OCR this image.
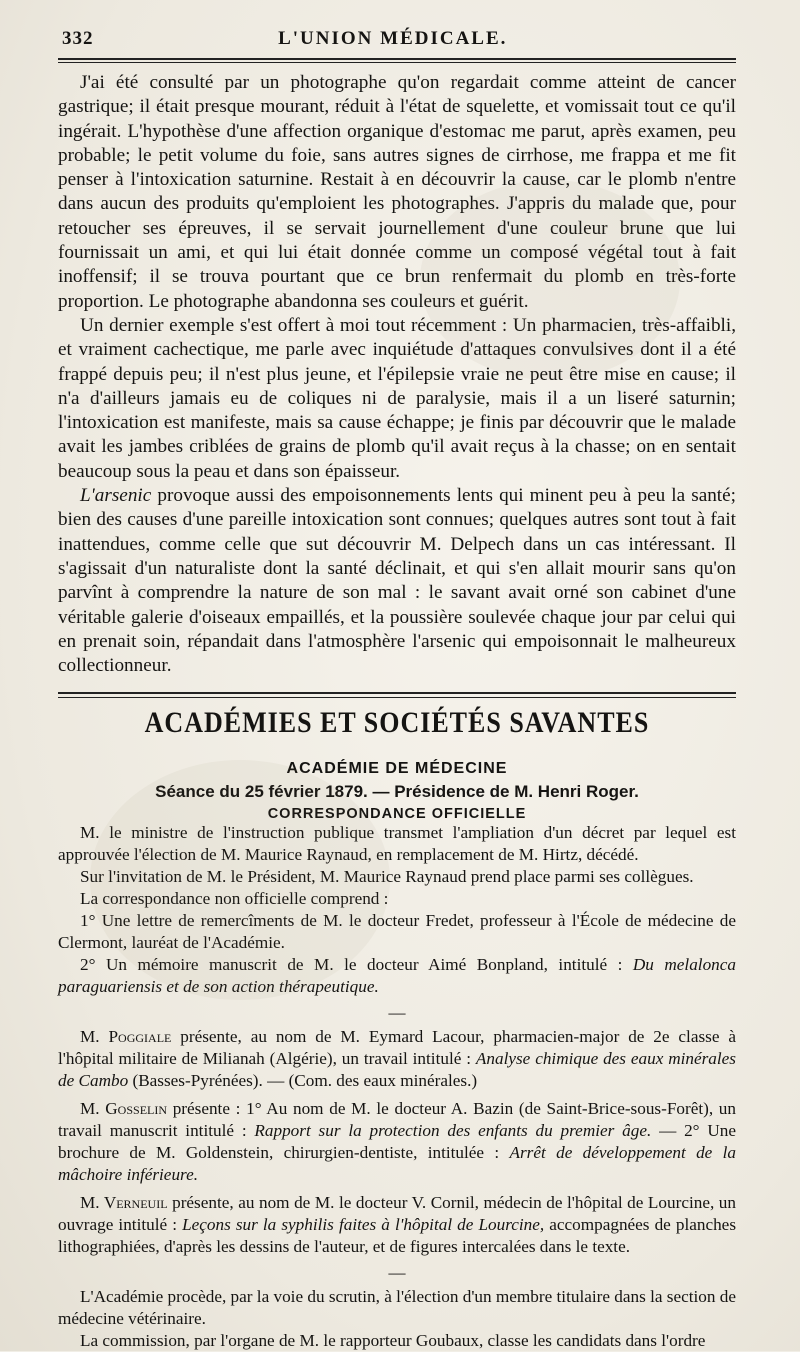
332	L'UNION MÉDICALE.

J'ai été consulté par un photographe qu'on regardait comme atteint de cancer gastrique; il était presque mourant, réduit à l'état de squelette, et vomissait tout ce qu'il ingérait. L'hypothèse d'une affection organique d'estomac me parut, après examen, peu probable; le petit volume du foie, sans autres signes de cirrhose, me frappa et me fit penser à l'intoxication saturnine. Restait à en découvrir la cause, car le plomb n'entre dans aucun des produits qu'emploient les photographes. J'appris du malade que, pour retoucher ses épreuves, il se servait journellement d'une couleur brune que lui fournissait un ami, et qui lui était donnée comme un composé végétal tout à fait inoffensif; il se trouva pourtant que ce brun renfermait du plomb en très-forte proportion. Le photographe abandonna ses couleurs et guérit.

Un dernier exemple s'est offert à moi tout récemment : Un pharmacien, très-affaibli, et vraiment cachectique, me parle avec inquiétude d'attaques convulsives dont il a été frappé depuis peu; il n'est plus jeune, et l'épilepsie vraie ne peut être mise en cause; il n'a d'ailleurs jamais eu de coliques ni de paralysie, mais il a un liseré saturnin; l'intoxication est manifeste, mais sa cause échappe; je finis par découvrir que le malade avait les jambes criblées de grains de plomb qu'il avait reçus à la chasse; on en sentait beaucoup sous la peau et dans son épaisseur.

L'arsenic provoque aussi des empoisonnements lents qui minent peu à peu la santé; bien des causes d'une pareille intoxication sont connues; quelques autres sont tout à fait inattendues, comme celle que sut découvrir M. Delpech dans un cas intéressant. Il s'agissait d'un naturaliste dont la santé déclinait, et qui s'en allait mourir sans qu'on parvînt à comprendre la nature de son mal : le savant avait orné son cabinet d'une véritable galerie d'oiseaux empaillés, et la poussière soulevée chaque jour par celui qui en prenait soin, répandait dans l'atmosphère l'arsenic qui empoisonnait le malheureux collectionneur.

ACADÉMIES ET SOCIÉTÉS SAVANTES
ACADÉMIE DE MÉDECINE
Séance du 25 février 1879. — Présidence de M. Henri Roger.
CORRESPONDANCE OFFICIELLE

M. le ministre de l'instruction publique transmet l'ampliation d'un décret par lequel est approuvée l'élection de M. Maurice Raynaud, en remplacement de M. Hirtz, décédé.

Sur l'invitation de M. le Président, M. Maurice Raynaud prend place parmi ses collègues.

La correspondance non officielle comprend :

1° Une lettre de remercîments de M. le docteur Fredet, professeur à l'École de médecine de Clermont, lauréat de l'Académie.

2° Un mémoire manuscrit de M. le docteur Aimé Bonpland, intitulé : Du melalonca paraguariensis et de son action thérapeutique.

—

M. Poggiale présente, au nom de M. Eymard Lacour, pharmacien-major de 2e classe à l'hôpital militaire de Milianah (Algérie), un travail intitulé : Analyse chimique des eaux minérales de Cambo (Basses-Pyrénées). — (Com. des eaux minérales.)

M. Gosselin présente : 1° Au nom de M. le docteur A. Bazin (de Saint-Brice-sous-Forêt), un travail manuscrit intitulé : Rapport sur la protection des enfants du premier âge. — 2° Une brochure de M. Goldenstein, chirurgien-dentiste, intitulée : Arrêt de développement de la mâchoire inférieure.

M. Verneuil présente, au nom de M. le docteur V. Cornil, médecin de l'hôpital de Lourcine, un ouvrage intitulé : Leçons sur la syphilis faites à l'hôpital de Lourcine, accompagnées de planches lithographiées, d'après les dessins de l'auteur, et de figures intercalées dans le texte.

—

L'Académie procède, par la voie du scrutin, à l'élection d'un membre titulaire dans la section de médecine vétérinaire.

La commission, par l'organe de M. le rapporteur Goubaux, classe les candidats dans l'ordre
